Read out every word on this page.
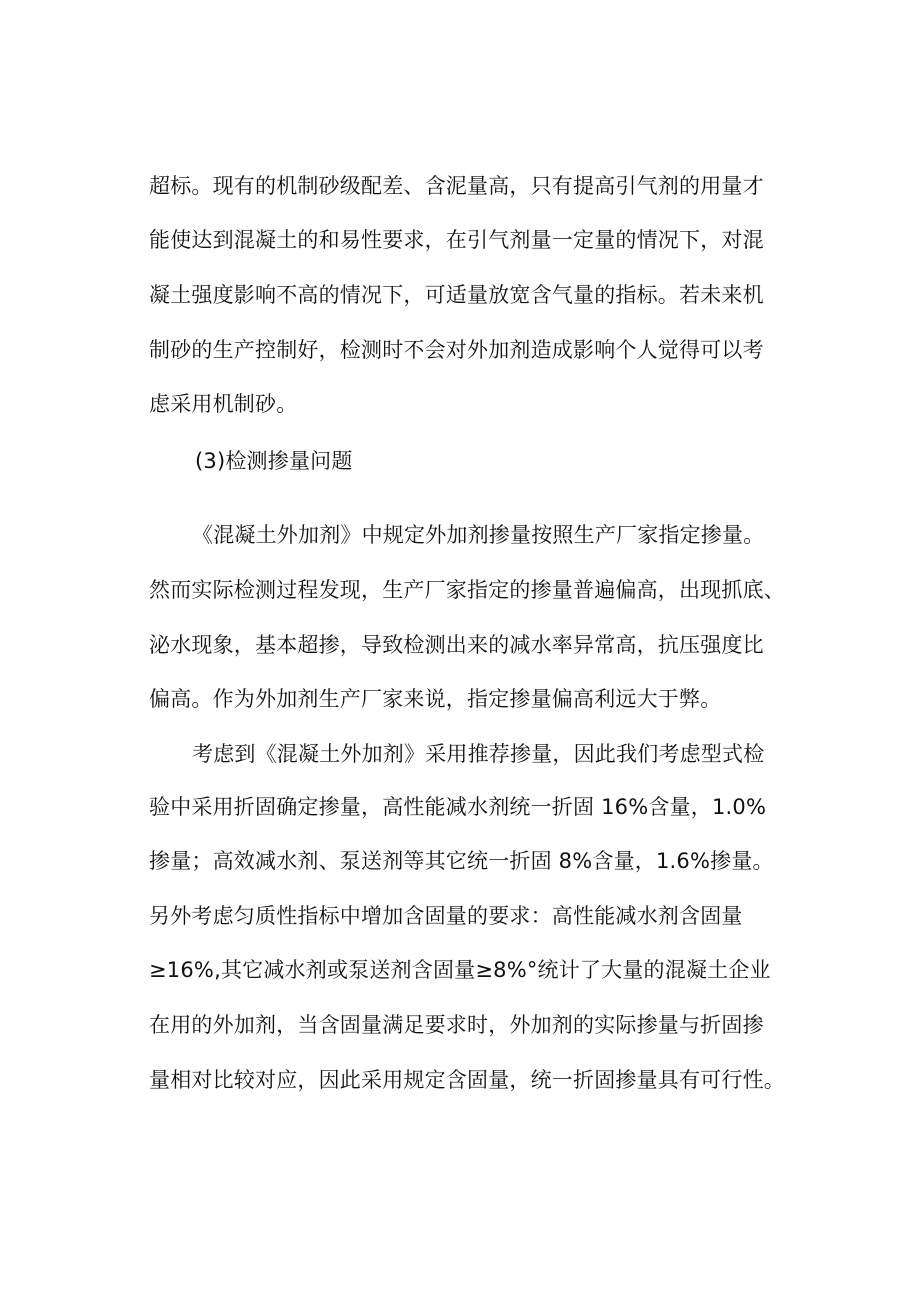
超标。现有的机制砂级配差、含泥量高，只有提高引气剂的用量才
能使达到混凝土的和易性要求，在引气剂量一定量的情况下，对混
凝土强度影响不高的情况下，可适量放宽含气量的指标。若未来机
制砂的生产控制好，检测时不会对外加剂造成影响个人觉得可以考
虑采用机制砂。
(3)检测掺量问题
《混凝土外加剂》中规定外加剂掺量按照生产厂家指定掺量。
然而实际检测过程发现，生产厂家指定的掺量普遍偏高，出现抓底、
泌水现象，基本超掺，导致检测出来的减水率异常高，抗压强度比
偏高。作为外加剂生产厂家来说，指定掺量偏高利远大于弊。
考虑到《混凝土外加剂》采用推荐掺量，因此我们考虑型式检
验中采用折固确定掺量，高性能减水剂统一折固 16%含量，1.0%
掺量；高效减水剂、泵送剂等其它统一折固 8%含量，1.6%掺量。
另外考虑匀质性指标中增加含固量的要求：高性能减水剂含固量
≥16%,其它减水剂或泵送剂含固量≥8%°统计了大量的混凝土企业
在用的外加剂，当含固量满足要求时，外加剂的实际掺量与折固掺
量相对比较对应，因此采用规定含固量，统一折固掺量具有可行性。
